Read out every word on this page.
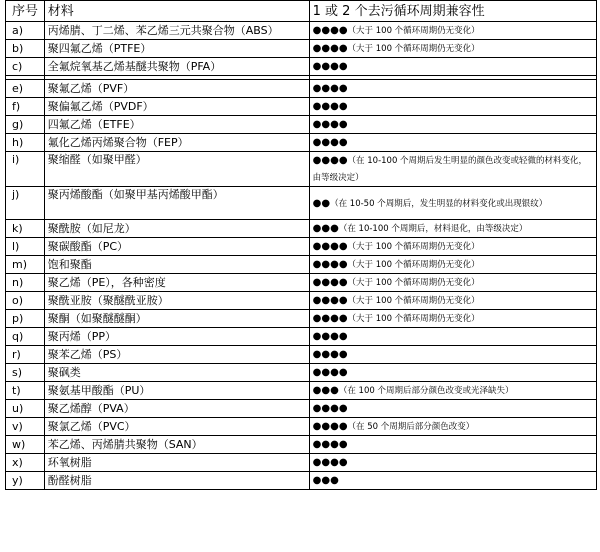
序号	材料	1 或 2 个去污循环周期兼容性
a)	丙烯腈、丁二烯、苯乙烯三元共聚合物（ABS）	●●●●（大于 100 个循环周期仍无变化）
b)	聚四氟乙烯（PTFE）	●●●●（大于 100 个循环周期仍无变化）
c)	全氟烷氧基乙烯基醚共聚物（PFA）	●●●●

e)	聚氟乙烯（PVF）	●●●●
f)	聚偏氟乙烯（PVDF）	●●●●
g)	四氟乙烯（ETFE）	●●●●
h)	氟化乙烯丙烯聚合物（FEP）	●●●●
i)	聚缩醛（如聚甲醛）	●●●●（在 10-100 个周期后发生明显的颜色改变或轻微的材料变化，由等级决定）
j)	聚丙烯酸酯（如聚甲基丙烯酸甲酯）	●●（在 10-50 个周期后，发生明显的材料变化或出现银纹）
k)	聚酰胺（如尼龙）	●●●（在 10-100 个周期后，材料退化，由等级决定）
l)	聚碳酸酯（PC）	●●●●（大于 100 个循环周期仍无变化）
m)	饱和聚酯	●●●●（大于 100 个循环周期仍无变化）
n)	聚乙烯（PE），各种密度	●●●●（大于 100 个循环周期仍无变化）
o)	聚酰亚胺（聚醚酰亚胺）	●●●●（大于 100 个循环周期仍无变化）
p)	聚酮（如聚醚醚酮）	●●●●（大于 100 个循环周期仍无变化）
q)	聚丙烯（PP）	●●●●
r)	聚苯乙烯（PS）	●●●●
s)	聚砜类	●●●●
t)	聚氨基甲酸酯（PU）	●●●（在 100 个周期后部分颜色改变或光泽缺失）
u)	聚乙烯醇（PVA）	●●●●
v)	聚氯乙烯（PVC）	●●●●（在 50 个周期后部分颜色改变）
w)	苯乙烯、丙烯腈共聚物（SAN）	●●●●
x)	环氧树脂	●●●●
y)	酚醛树脂	●●●
